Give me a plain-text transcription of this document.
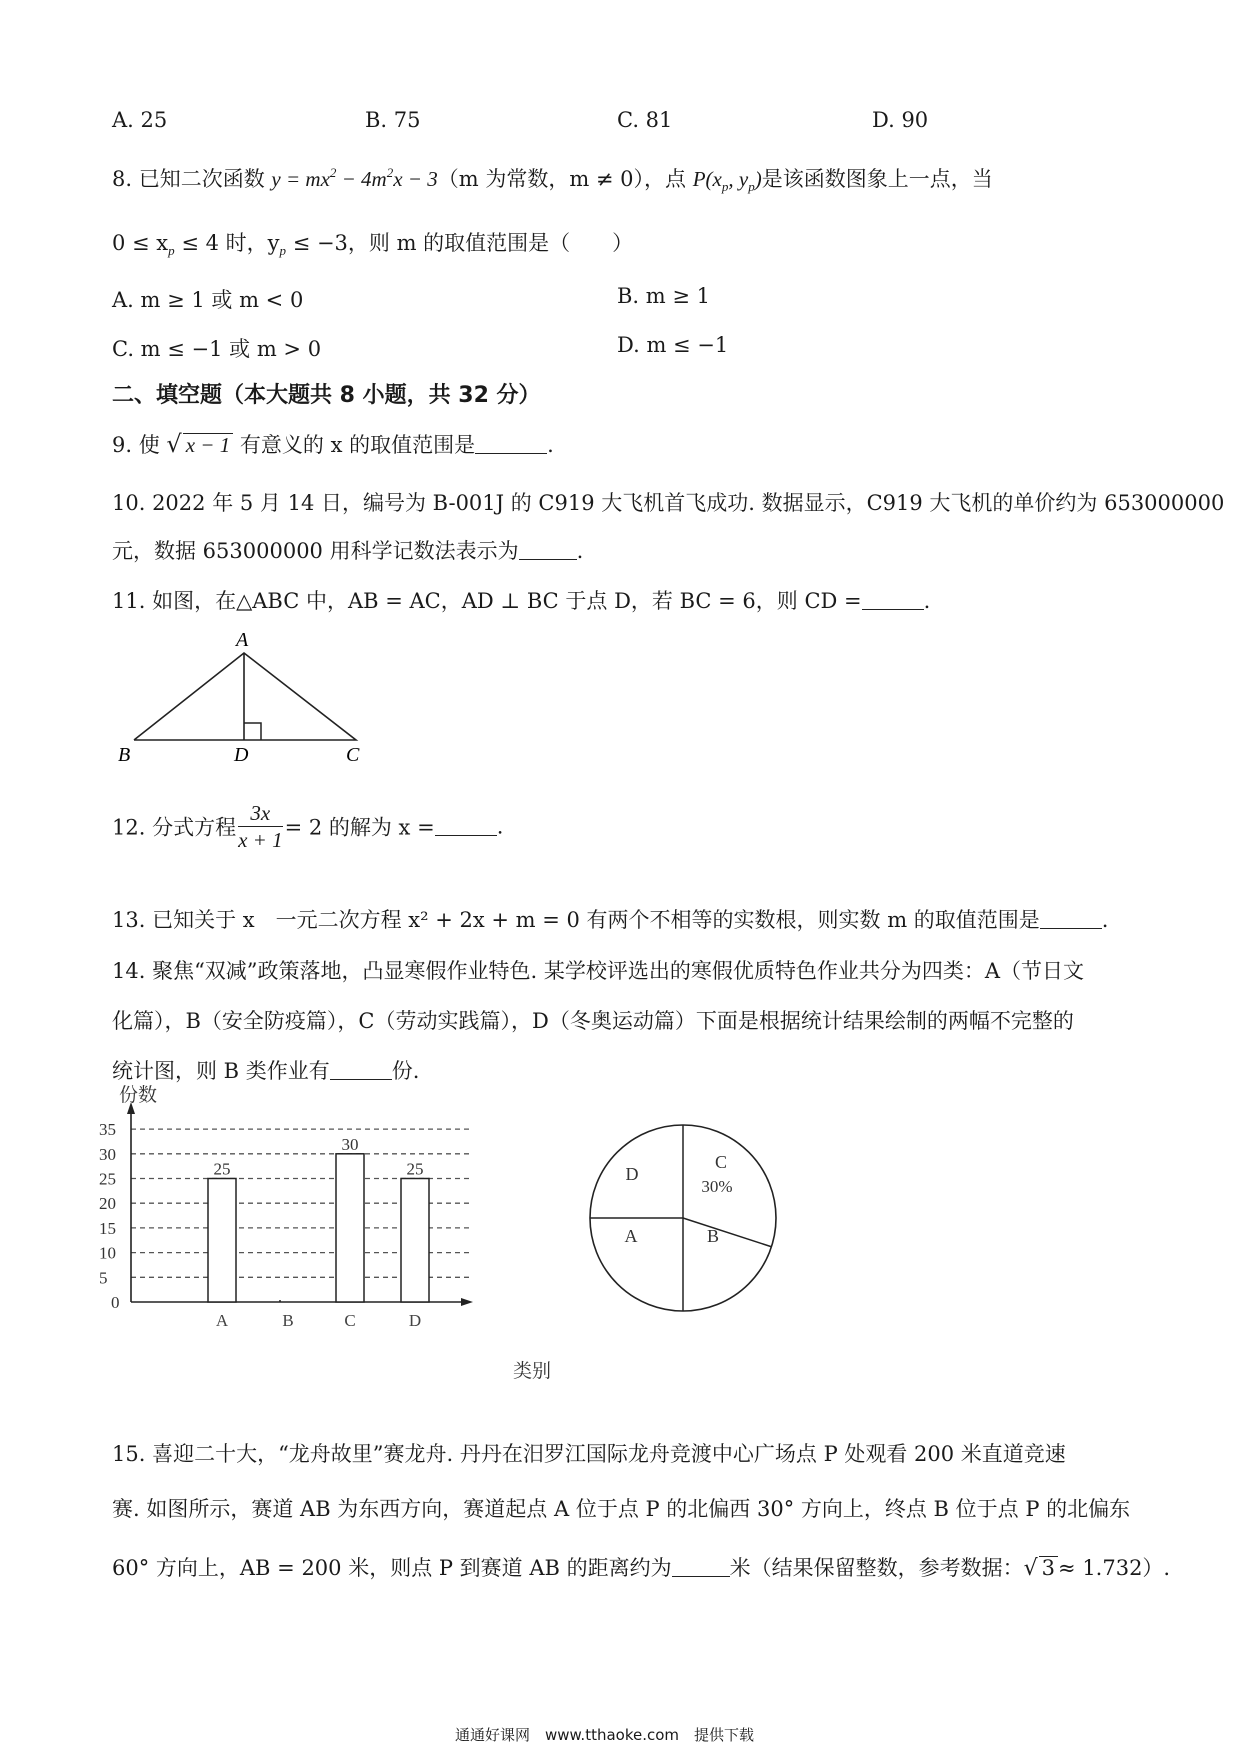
A. 25	B. 75	C. 81	D. 90
8. 已知二次函数 $y = mx^2 - 4m^2x - 3(m$ 为常数，m ≠ 0），点 $P(x_p$, $y_p$)是该函数图象上一点，当
$0 \le x_p \le 4$ 时，$y_p \le -3$，则 m 的取值范围是（　　）
A. m ≥ 1 或 m < 0	B. m ≥ 1
C. m ≤ −1 或 m > 0	D. m ≤ −1
二、填空题（本大题共 8 小题，共 32 分）
9. 使 √ x − 1 有意义的 x 的取值范围是	.
10. 2022 年 5 月 14 日，编号为 B-001J 的 C919 大飞机首飞成功. 数据显示，C919 大飞机的单价约为 653000000
元，数据 653000000 用科学记数法表示为	.
11. 如图，在△ABC 中，AB = AC，AD ⊥ BC 于点 D，若 BC = 6，则 CD =	.
A
B	D	C
12. 分式方程 $\frac{3x}{x + 1} = 2$ 的解为 x =	.
13. 已知关于 x　一元二次方程 x² + 2x + m = 0 有两个不相等的实数根，则实数 m 的取值范围是	.
14. 聚焦“双减”政策落地，凸显寒假作业特色. 某学校评选出的寒假优质特色作业共分为四类：A（节日文
化篇），B（安全防疫篇），C（劳动实践篇），D（冬奥运动篇）下面是根据统计结果绘制的两幅不完整的
统计图，则 B 类作业有	份.
0
5
10
15
20
25
30
35
份数
类别
25
A	B
30
C
25
D
C
30%
B
A
D
15. 喜迎二十大，“龙舟故里”赛龙舟. 丹丹在汨罗江国际龙舟竞渡中心广场点 P 处观看 200 米直道竞速
赛. 如图所示，赛道 AB 为东西方向，赛道起点 A 位于点 P 的北偏西 30° 方向上，终点 B 位于点 P 的北偏东
60° 方向上，AB = 200 米，则点 P 到赛道 AB 的距离约为	米（结果保留整数，参考数据：√ 3 ≈ 1.732）.
通通好课网　www.tthaoke.com　提供下载
